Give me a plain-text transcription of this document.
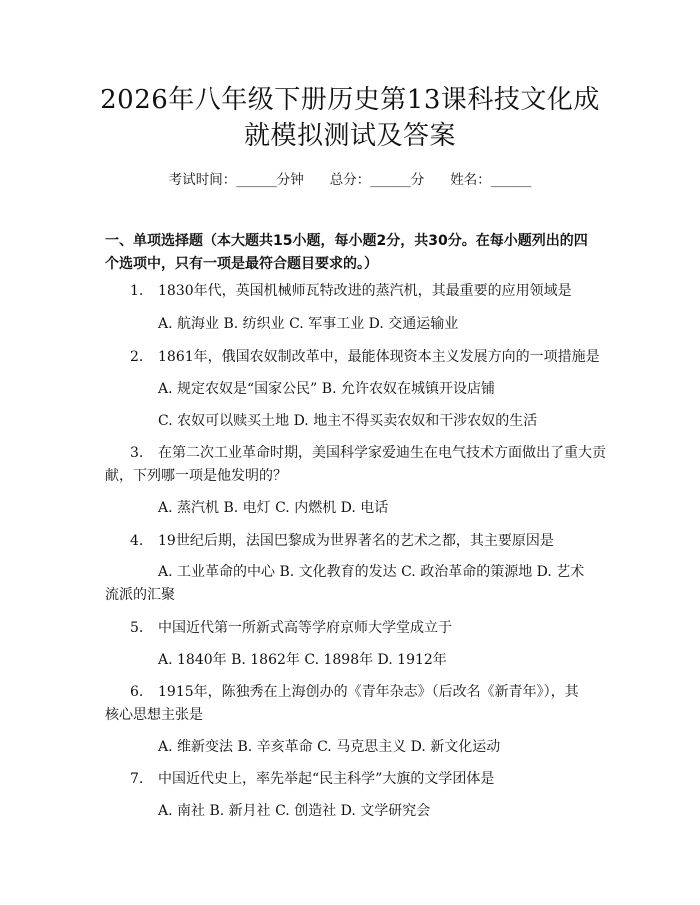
2026年八年级下册历史第13课科技文化成
就模拟测试及答案
考试时间：______分钟 总分：______分 姓名：______
一、单项选择题（本大题共15小题，每小题2分，共30分。在每小题列出的四
个选项中，只有一项是最符合题目要求的。）
1. 1830年代，英国机械师瓦特改进的蒸汽机，其最重要的应用领域是
A. 航海业 B. 纺织业 C. 军事工业 D. 交通运输业
2. 1861年，俄国农奴制改革中，最能体现资本主义发展方向的一项措施是
A. 规定农奴是“国家公民” B. 允许农奴在城镇开设店铺
C. 农奴可以赎买土地 D. 地主不得买卖农奴和干涉农奴的生活
3. 在第二次工业革命时期，美国科学家爱迪生在电气技术方面做出了重大贡
献，下列哪一项是他发明的？
A. 蒸汽机 B. 电灯 C. 内燃机 D. 电话
4. 19世纪后期，法国巴黎成为世界著名的艺术之都，其主要原因是
A. 工业革命的中心 B. 文化教育的发达 C. 政治革命的策源地 D. 艺术
流派的汇聚
5. 中国近代第一所新式高等学府京师大学堂成立于
A. 1840年 B. 1862年 C. 1898年 D. 1912年
6. 1915年，陈独秀在上海创办的《青年杂志》（后改名《新青年》），其
核心思想主张是
A. 维新变法 B. 辛亥革命 C. 马克思主义 D. 新文化运动
7. 中国近代史上，率先举起“民主科学”大旗的文学团体是
A. 南社 B. 新月社 C. 创造社 D. 文学研究会
